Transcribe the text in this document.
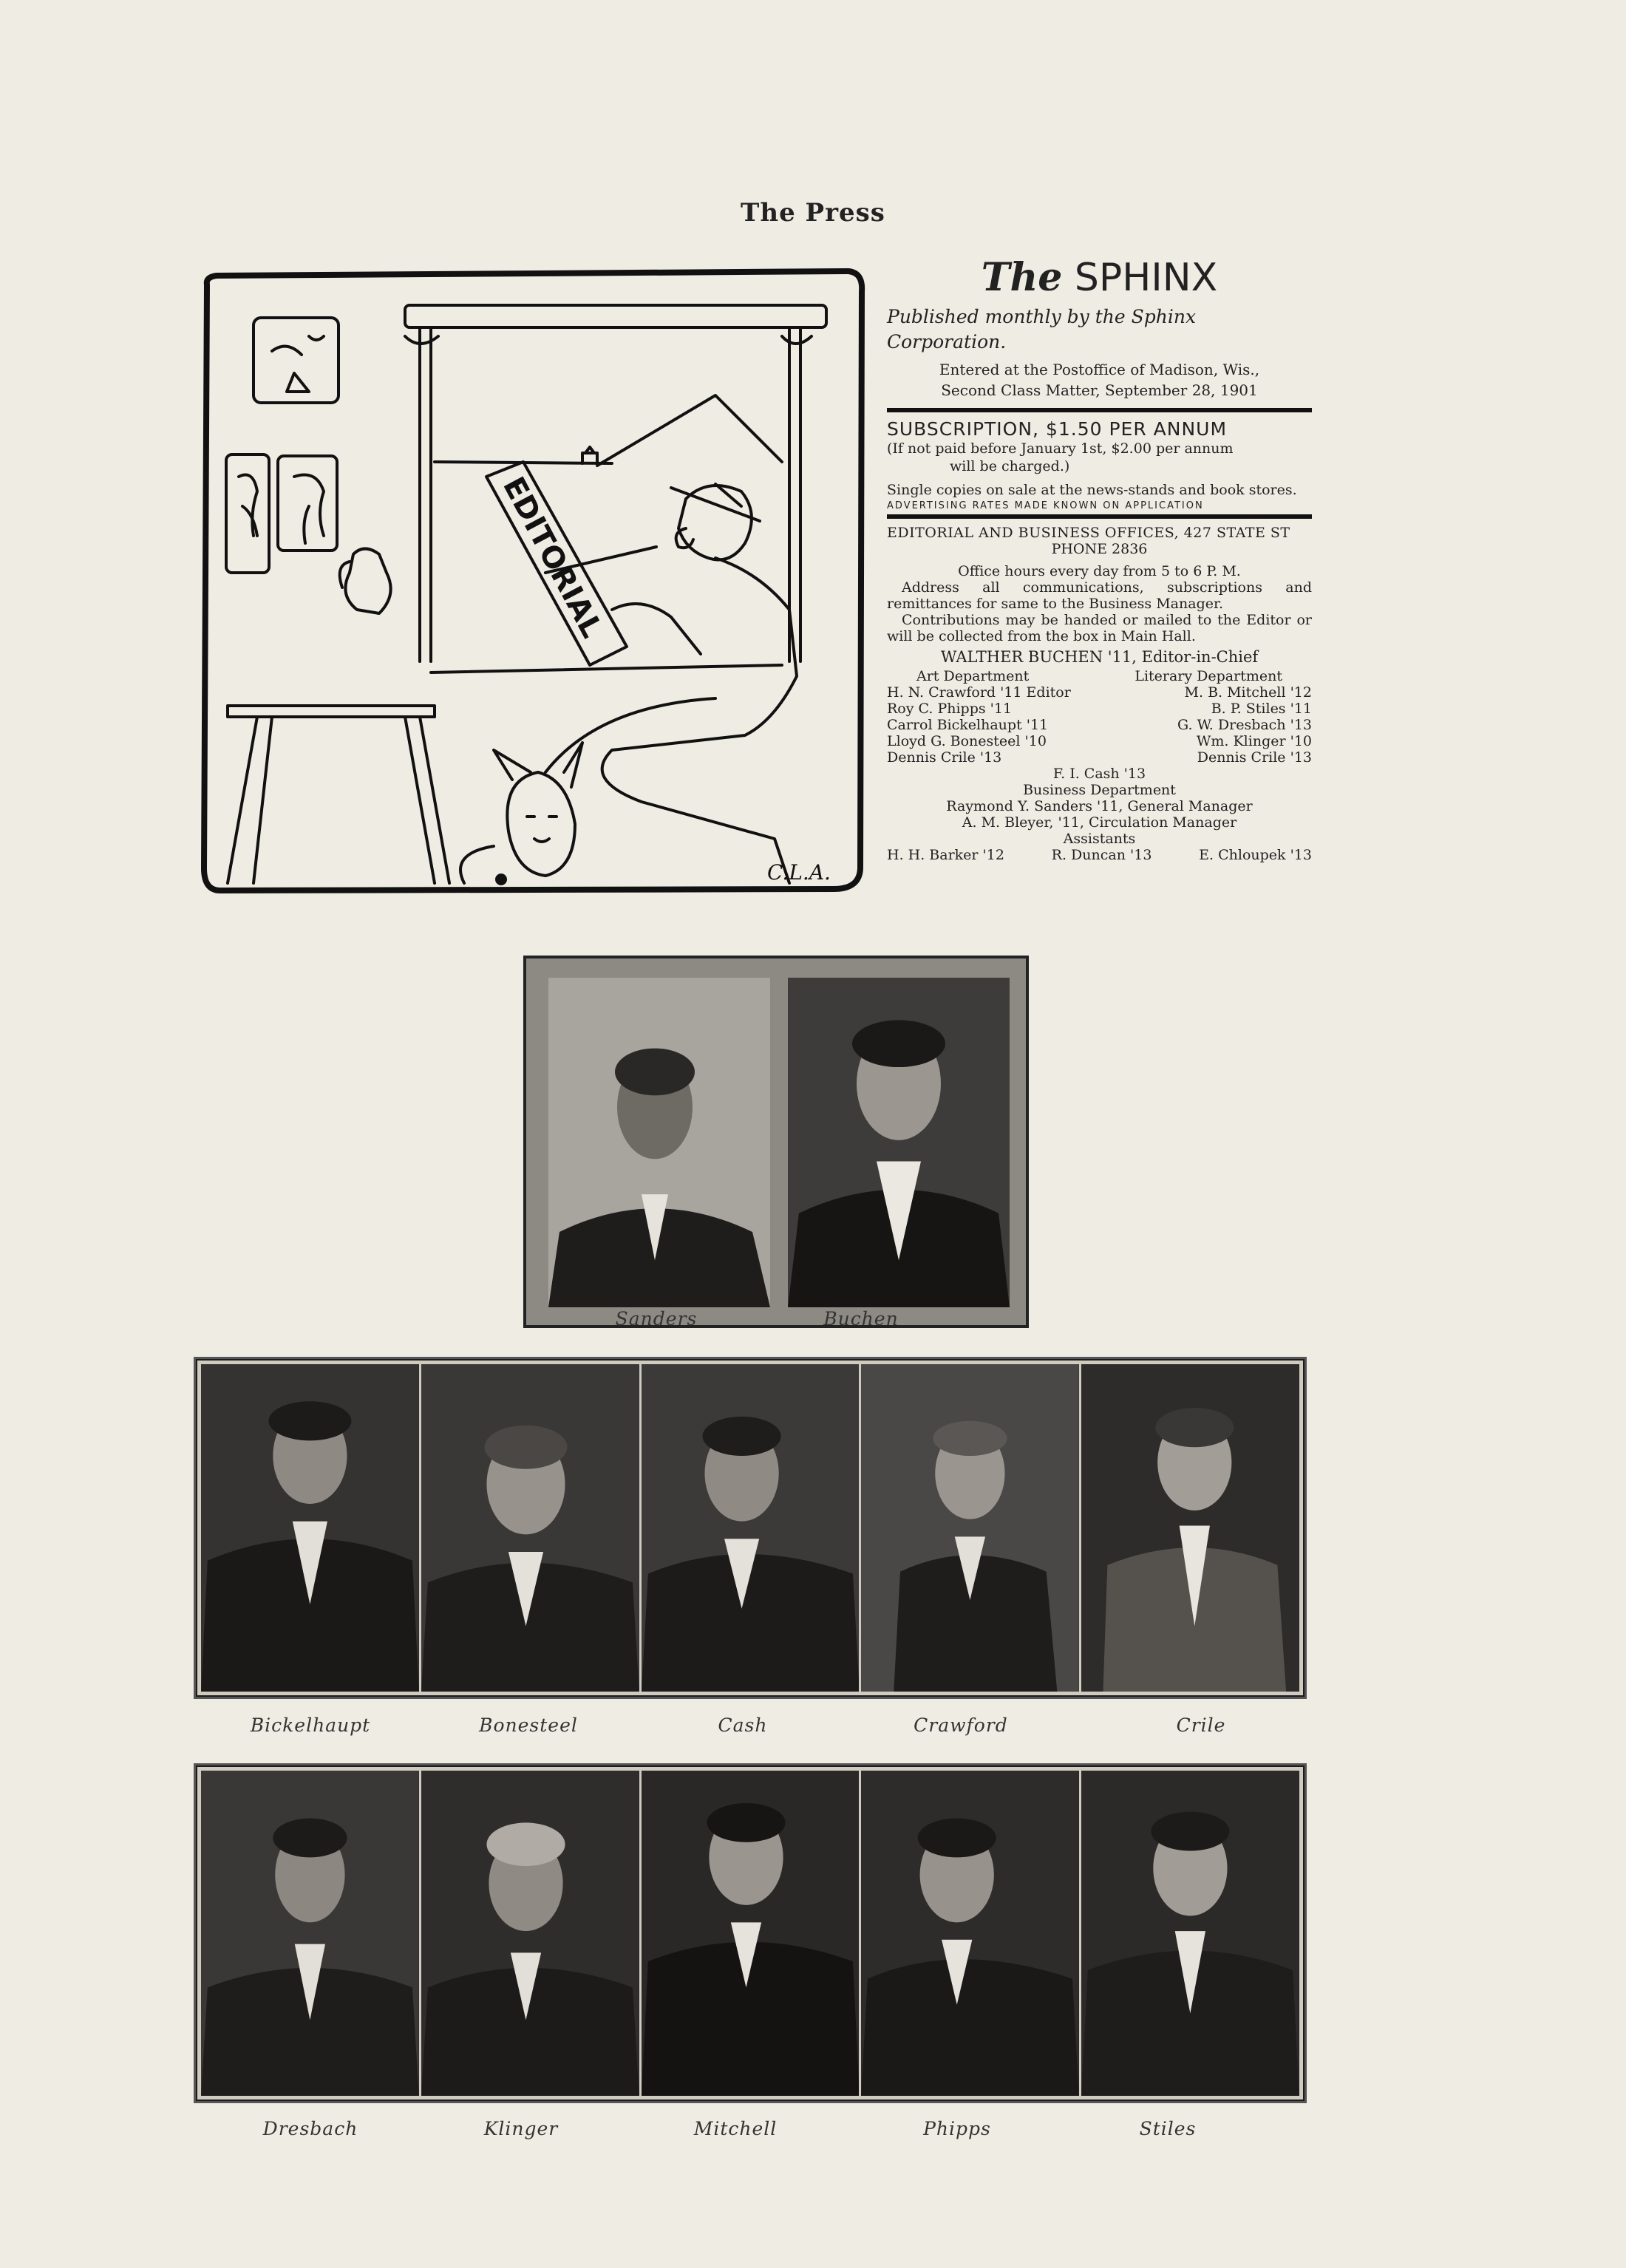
The Press
EDITORIAL
C.L.A.
The SPHINX
Published monthly by the Sphinx Corporation.
Entered at the Postoffice of Madison, Wis.,
Second Class Matter, September 28, 1901
SUBSCRIPTION, $1.50 PER ANNUM
(If not paid before January 1st, $2.00 per annum
will be charged.)
Single copies on sale at the news-stands and book stores.
ADVERTISING RATES MADE KNOWN ON APPLICATION
EDITORIAL AND BUSINESS OFFICES, 427 STATE ST
PHONE 2836
Office hours every day from 5 to 6 P. M.
Address all communications, subscriptions and remittances for same to the Business Manager.
Contributions may be handed or mailed to the Editor or will be collected from the box in Main Hall.
WALTHER BUCHEN '11, Editor-in-Chief
Art Department	Literary Department
H. N. Crawford '11 Editor	M. B. Mitchell '12
Roy C. Phipps '11	B. P. Stiles '11
Carrol Bickelhaupt '11	G. W. Dresbach '13
Lloyd G. Bonesteel '10	Wm. Klinger '10
Dennis Crile '13	Dennis Crile '13
F. I. Cash '13
Business Department
Raymond Y. Sanders '11, General Manager
A. M. Bleyer, '11, Circulation Manager
Assistants
H. H. Barker '12	R. Duncan '13	E. Chloupek '13
Sanders	Buchen
Bickelhaupt	Bonesteel	Cash	Crawford	Crile
Dresbach	Klinger	Mitchell	Phipps	Stiles
